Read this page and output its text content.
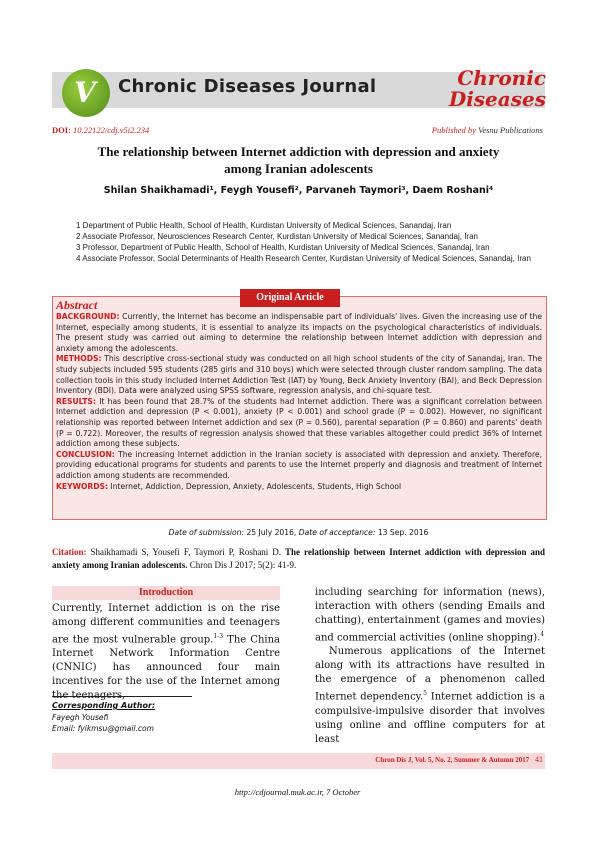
V Chronic Diseases Journal	Chronic
Diseases
DOI: 10.22122/cdj.v5i2.234	Published by Vesnu Publications
The relationship between Internet addiction with depression and anxiety
among Iranian adolescents
Shilan Shaikhamadi¹, Feygh Yousefi², Parvaneh Taymori³, Daem Roshani⁴
1 Department of Public Health, School of Health, Kurdistan University of Medical Sciences, Sanandaj, Iran
2 Associate Professor, Neurosciences Research Center, Kurdistan University of Medical Sciences, Sanandaj, Iran
3 Professor, Department of Public Health, School of Health, Kurdistan University of Medical Sciences, Sanandaj, Iran
4 Associate Professor, Social Determinants of Health Research Center, Kurdistan University of Medical Sciences, Sanandaj, Iran
Original Article
Abstract

BACKGROUND: Currently, the Internet has become an indispensable part of individuals' lives. Given the increasing use of the Internet, especially among students, it is essential to analyze its impacts on the psychological characteristics of individuals. The present study was carried out aiming to determine the relationship between Internet addiction with depression and anxiety among the adolescents.

METHODS: This descriptive cross-sectional study was conducted on all high school students of the city of Sanandaj, Iran. The study subjects included 595 students (285 girls and 310 boys) which were selected through cluster random sampling. The data collection tools in this study included Internet Addiction Test (IAT) by Young, Beck Anxiety Inventory (BAI), and Beck Depression Inventory (BDI). Data were analyzed using SPSS software, regression analysis, and chi-square test.

RESULTS: It has been found that 28.7% of the students had Internet addiction. There was a significant correlation between Internet addiction and depression (P < 0.001), anxiety (P < 0.001) and school grade (P = 0.002). However, no significant relationship was reported between Internet addiction and sex (P = 0.560), parental separation (P = 0.860) and parents' death (P = 0.722). Moreover, the results of regression analysis showed that these variables altogether could predict 36% of Internet addiction among these subjects.

CONCLUSION: The increasing Internet addiction in the Iranian society is associated with depression and anxiety. Therefore, providing educational programs for students and parents to use the Internet properly and diagnosis and treatment of Internet addiction among students are recommended.

KEYWORDS: Internet, Addiction, Depression, Anxiety, Adolescents, Students, High School

Date of submission: 25 July 2016, Date of acceptance: 13 Sep. 2016
Citation: Shaikhamadi S, Yousefi F, Taymori P, Roshani D. The relationship between Internet addiction with depression and anxiety among Iranian adolescents. Chron Dis J 2017; 5(2): 41-9.
Introduction

Currently, Internet addiction is on the rise among different communities and teenagers are the most vulnerable group.$^{1-3}$ The China Internet Network Information Centre (CNNIC) has announced four main incentives for the use of the Internet among the teenagers,

Corresponding Author:
Fayegh Yousefi
Email: fyikmsu@gmail.com

including searching for information (news), interaction with others (sending Emails and chatting), entertainment (games and movies) and commercial activities (online shopping).$^4$

Numerous applications of the Internet along with its attractions have resulted in the emergence of a phenomenon called Internet dependency.$^5$ Internet addiction is a compulsive-impulsive disorder that involves using online and offline computers for at least

Chron Dis J, Vol. 5, No. 2, Summer & Autumn 2017 41
http://cdjournal.muk.ac.ir, 7 October
